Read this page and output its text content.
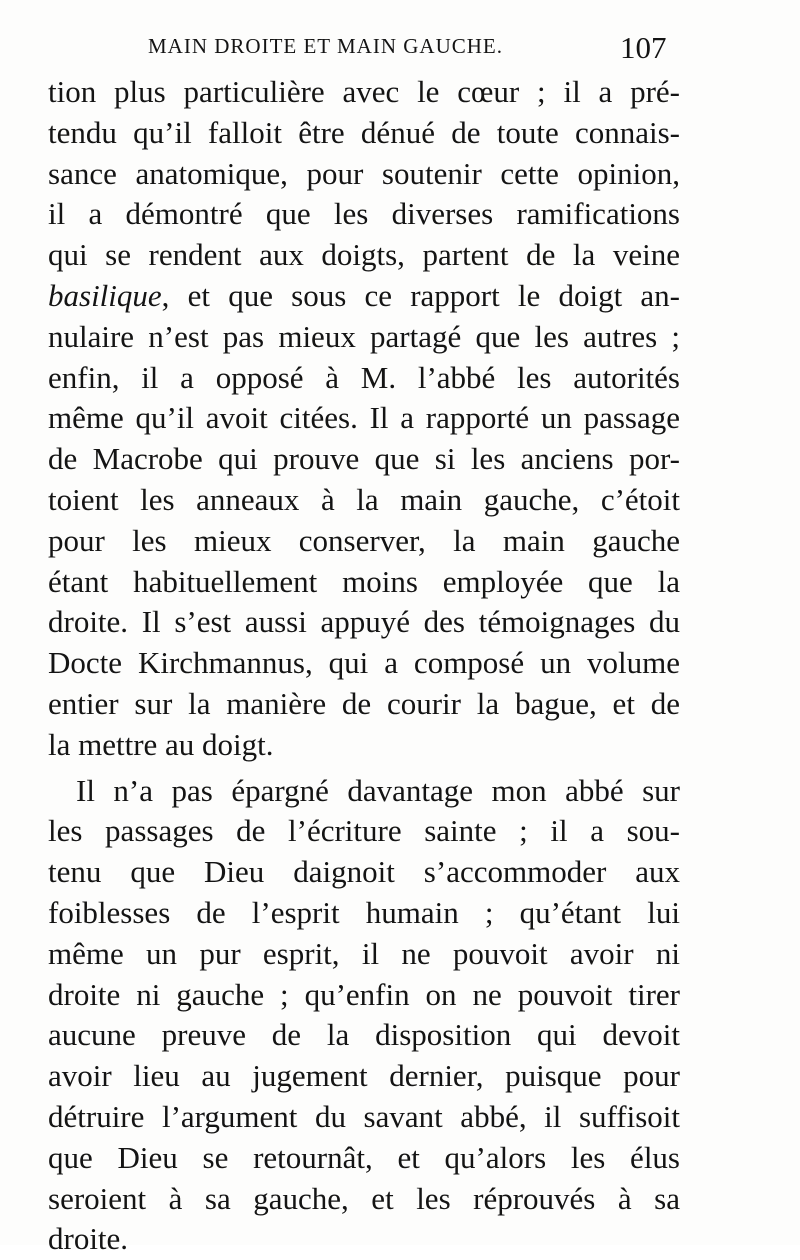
MAIN DROITE ET MAIN GAUCHE.	107
tion plus particulière avec le cœur ; il a pré-
tendu qu’il falloit être dénué de toute connais-
sance anatomique, pour soutenir cette opinion,
il a démontré que les diverses ramifications
qui se rendent aux doigts, partent de la veine
basilique, et que sous ce rapport le doigt an-
nulaire n’est pas mieux partagé que les autres ;
enfin, il a opposé à M. l’abbé les autorités
même qu’il avoit citées. Il a rapporté un passage
de Macrobe qui prouve que si les anciens por-
toient les anneaux à la main gauche, c’étoit
pour les mieux conserver, la main gauche
étant habituellement moins employée que la
droite. Il s’est aussi appuyé des témoignages du
Docte Kirchmannus, qui a composé un volume
entier sur la manière de courir la bague, et de
la mettre au doigt.
Il n’a pas épargné davantage mon abbé sur
les passages de l’écriture sainte ; il a sou-
tenu que Dieu daignoit s’accommoder aux
foiblesses de l’esprit humain ; qu’étant lui
même un pur esprit, il ne pouvoit avoir ni
droite ni gauche ; qu’enfin on ne pouvoit tirer
aucune preuve de la disposition qui devoit
avoir lieu au jugement dernier, puisque pour
détruire l’argument du savant abbé, il suffisoit
que Dieu se retournât, et qu’alors les élus
seroient à sa gauche, et les réprouvés à sa
droite.
